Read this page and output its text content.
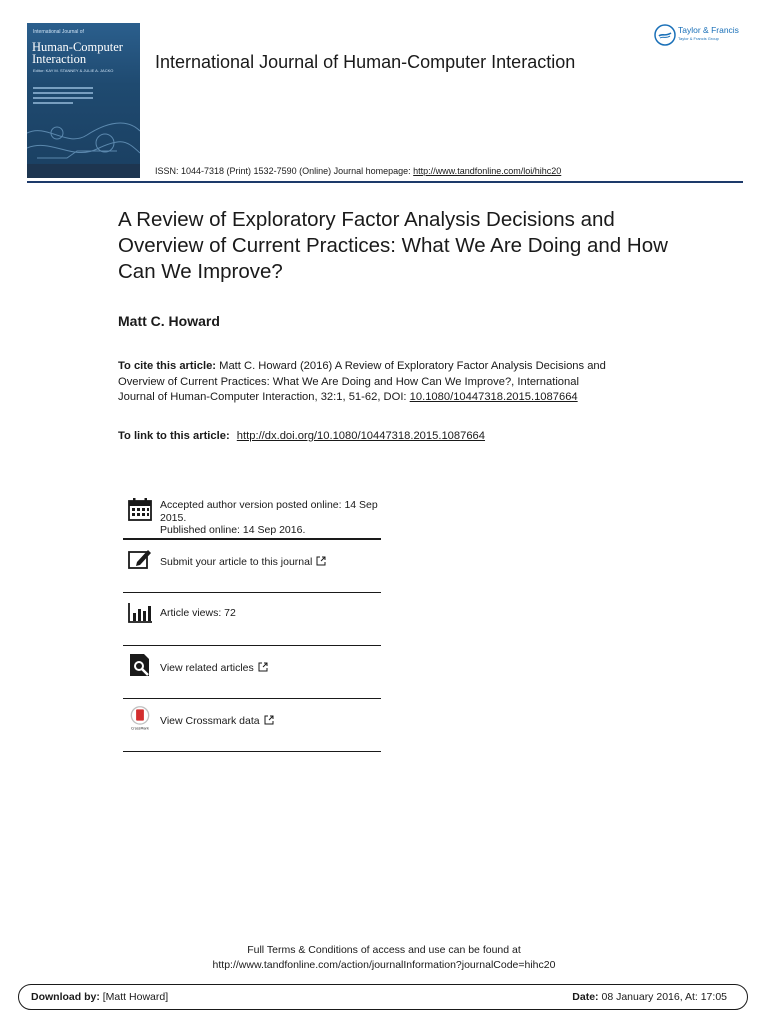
International Journal of
Human-Computer Interaction
Editor: KAY M. STANNEY & JULIE A. JACKO International Journal of Human-Computer Interaction
Taylor & Francis
Taylor & Francis Group
ISSN: 1044-7318 (Print) 1532-7590 (Online) Journal homepage: http://www.tandfonline.com/loi/hihc20
A Review of Exploratory Factor Analysis Decisions and Overview of Current Practices: What We Are Doing and How Can We Improve?
Matt C. Howard
To cite this article: Matt C. Howard (2016) A Review of Exploratory Factor Analysis Decisions and Overview of Current Practices: What We Are Doing and How Can We Improve?, International Journal of Human-Computer Interaction, 32:1, 51-62, DOI: 10.1080/10447318.2015.1087664
To link to this article: http://dx.doi.org/10.1080/10447318.2015.1087664
Accepted author version posted online: 14 Sep 2015.
Published online: 14 Sep 2016.
Submit your article to this journal
Article views: 72
View related articles
CrossMark
View Crossmark data
Full Terms & Conditions of access and use can be found at
http://www.tandfonline.com/action/journalInformation?journalCode=hihc20
Download by: [Matt Howard]	Date: 08 January 2016, At: 17:05
